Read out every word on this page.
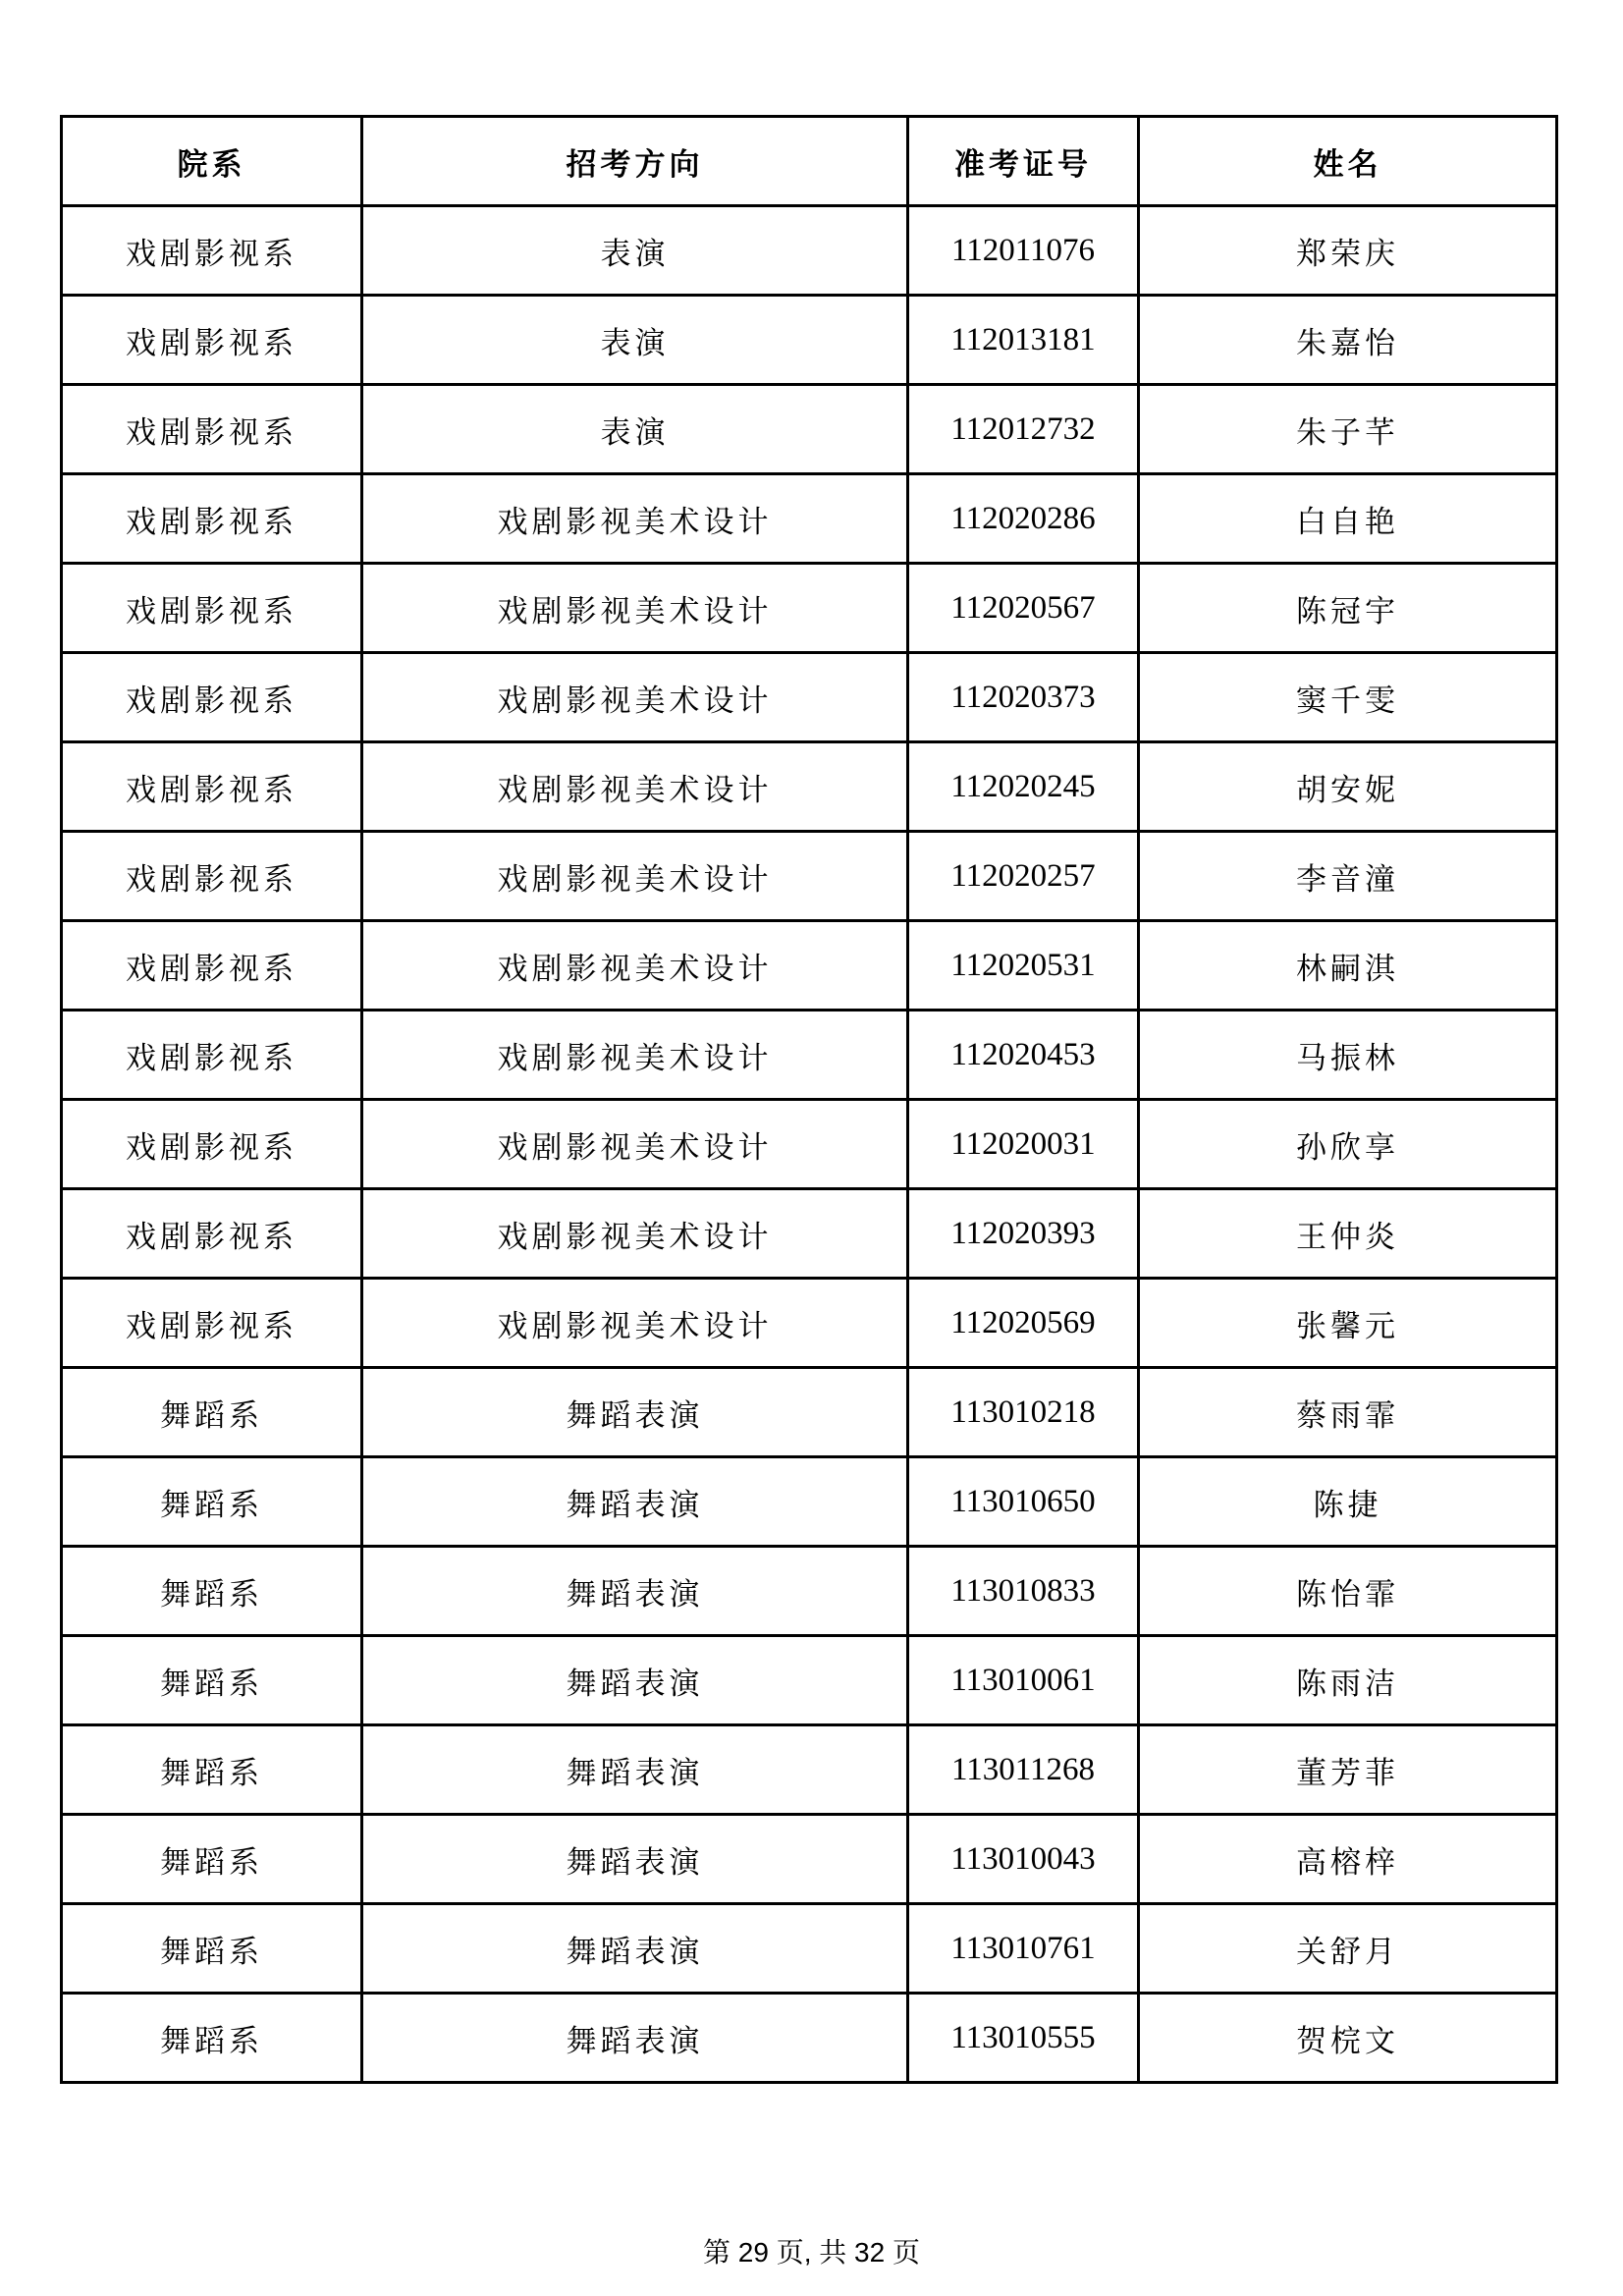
院系	招考方向	准考证号	姓名
戏剧影视系	表演	112011076	郑荣庆
戏剧影视系	表演	112013181	朱嘉怡
戏剧影视系	表演	112012732	朱子芊
戏剧影视系	戏剧影视美术设计	112020286	白自艳
戏剧影视系	戏剧影视美术设计	112020567	陈冠宇
戏剧影视系	戏剧影视美术设计	112020373	窦千雯
戏剧影视系	戏剧影视美术设计	112020245	胡安妮
戏剧影视系	戏剧影视美术设计	112020257	李音潼
戏剧影视系	戏剧影视美术设计	112020531	林嗣淇
戏剧影视系	戏剧影视美术设计	112020453	马振林
戏剧影视系	戏剧影视美术设计	112020031	孙欣享
戏剧影视系	戏剧影视美术设计	112020393	王仲炎
戏剧影视系	戏剧影视美术设计	112020569	张馨元
舞蹈系	舞蹈表演	113010218	蔡雨霏
舞蹈系	舞蹈表演	113010650	陈捷
舞蹈系	舞蹈表演	113010833	陈怡霏
舞蹈系	舞蹈表演	113010061	陈雨洁
舞蹈系	舞蹈表演	113011268	董芳菲
舞蹈系	舞蹈表演	113010043	高榕梓
舞蹈系	舞蹈表演	113010761	关舒月
舞蹈系	舞蹈表演	113010555	贺梡文
第 29 页, 共 32 页
